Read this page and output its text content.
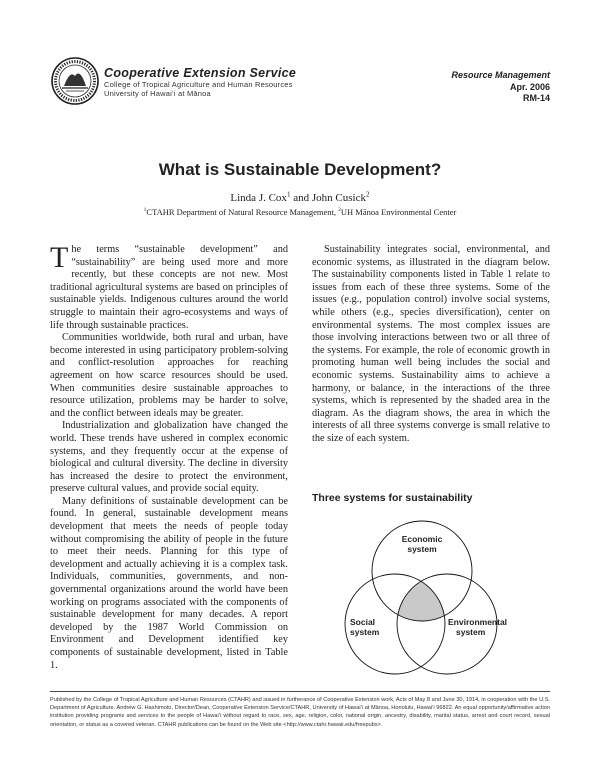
Cooperative Extension Service
College of Tropical Agriculture and Human Resources
University of Hawai‘i at Mānoa
Resource Management
Apr. 2006
RM-14
What is Sustainable Development?
Linda J. Cox$^1$ and John Cusick$^2$
$^1$CTAHR Department of Natural Resource Management, $^2$UH Mānoa Environmental Center

The terms “sustainable development” and “sustainability” are being used more and more recently, but these concepts are not new. Most traditional agricultural systems are based on principles of sustainable yields. Indigenous cultures around the world struggle to maintain their agro-ecosystems and ways of life through sustainable practices.

Communities worldwide, both rural and urban, have become interested in using participatory problem-solving and conflict-resolution approaches for reaching agreement on how scarce resources should be used. When communities desire sustainable approaches to resource utilization, problems may be harder to solve, and the conflict between ideals may be greater.

Industrialization and globalization have changed the world. These trends have ushered in complex economic systems, and they frequently occur at the expense of biological and cultural diversity. The decline in diversity has increased the desire to protect the environment, preserve cultural values, and provide social equity.

Many definitions of sustainable development can be found. In general, sustainable development means development that meets the needs of people today without compromising the ability of people in the future to meet their needs. Planning for this type of development and actually achieving it is a complex task. Individuals, communities, governments, and non-governmental organizations around the world have been working on programs associated with the components of sustainable development for many decades. A report developed by the 1987 World Commission on Environment and Development identified key components of sustainable development, listed in Table 1.

Sustainability integrates social, environmental, and economic systems, as illustrated in the diagram below. The sustainability components listed in Table 1 relate to issues from each of these three systems. Some of the issues (e.g., population control) involve social systems, while others (e.g., species diversification), center on environmental systems. The most complex issues are those involving interactions between two or all three of the systems. For example, the role of economic growth in promoting human well being includes the social and economic systems. Sustainability aims to achieve a harmony, or balance, in the interactions of the three systems, which is represented by the shaded area in the diagram. As the diagram shows, the area in which the interests of all three systems converge is small relative to the size of each system.

Three systems for sustainability
Economic
system
Social
system
Environmental
system
Published by the College of Tropical Agriculture and Human Resources (CTAHR) and issued in furtherance of Cooperative Extension work, Acts of May 8 and June 30, 1914, in cooperation with the U.S. Department of Agriculture. Andrew G. Hashimoto, Director/Dean, Cooperative Extension Service/CTAHR, University of Hawai‘i at Mānoa, Honolulu, Hawai‘i 96822. An equal opportunity/affirmative action institution providing programs and services to the people of Hawai‘i without regard to race, sex, age, religion, color, national origin, ancestry, disability, marital status, arrest and court record, sexual orientation, or status as a covered veteran. CTAHR publications can be found on the Web site <http://www.ctahr.hawaii.edu/freepubs>.
